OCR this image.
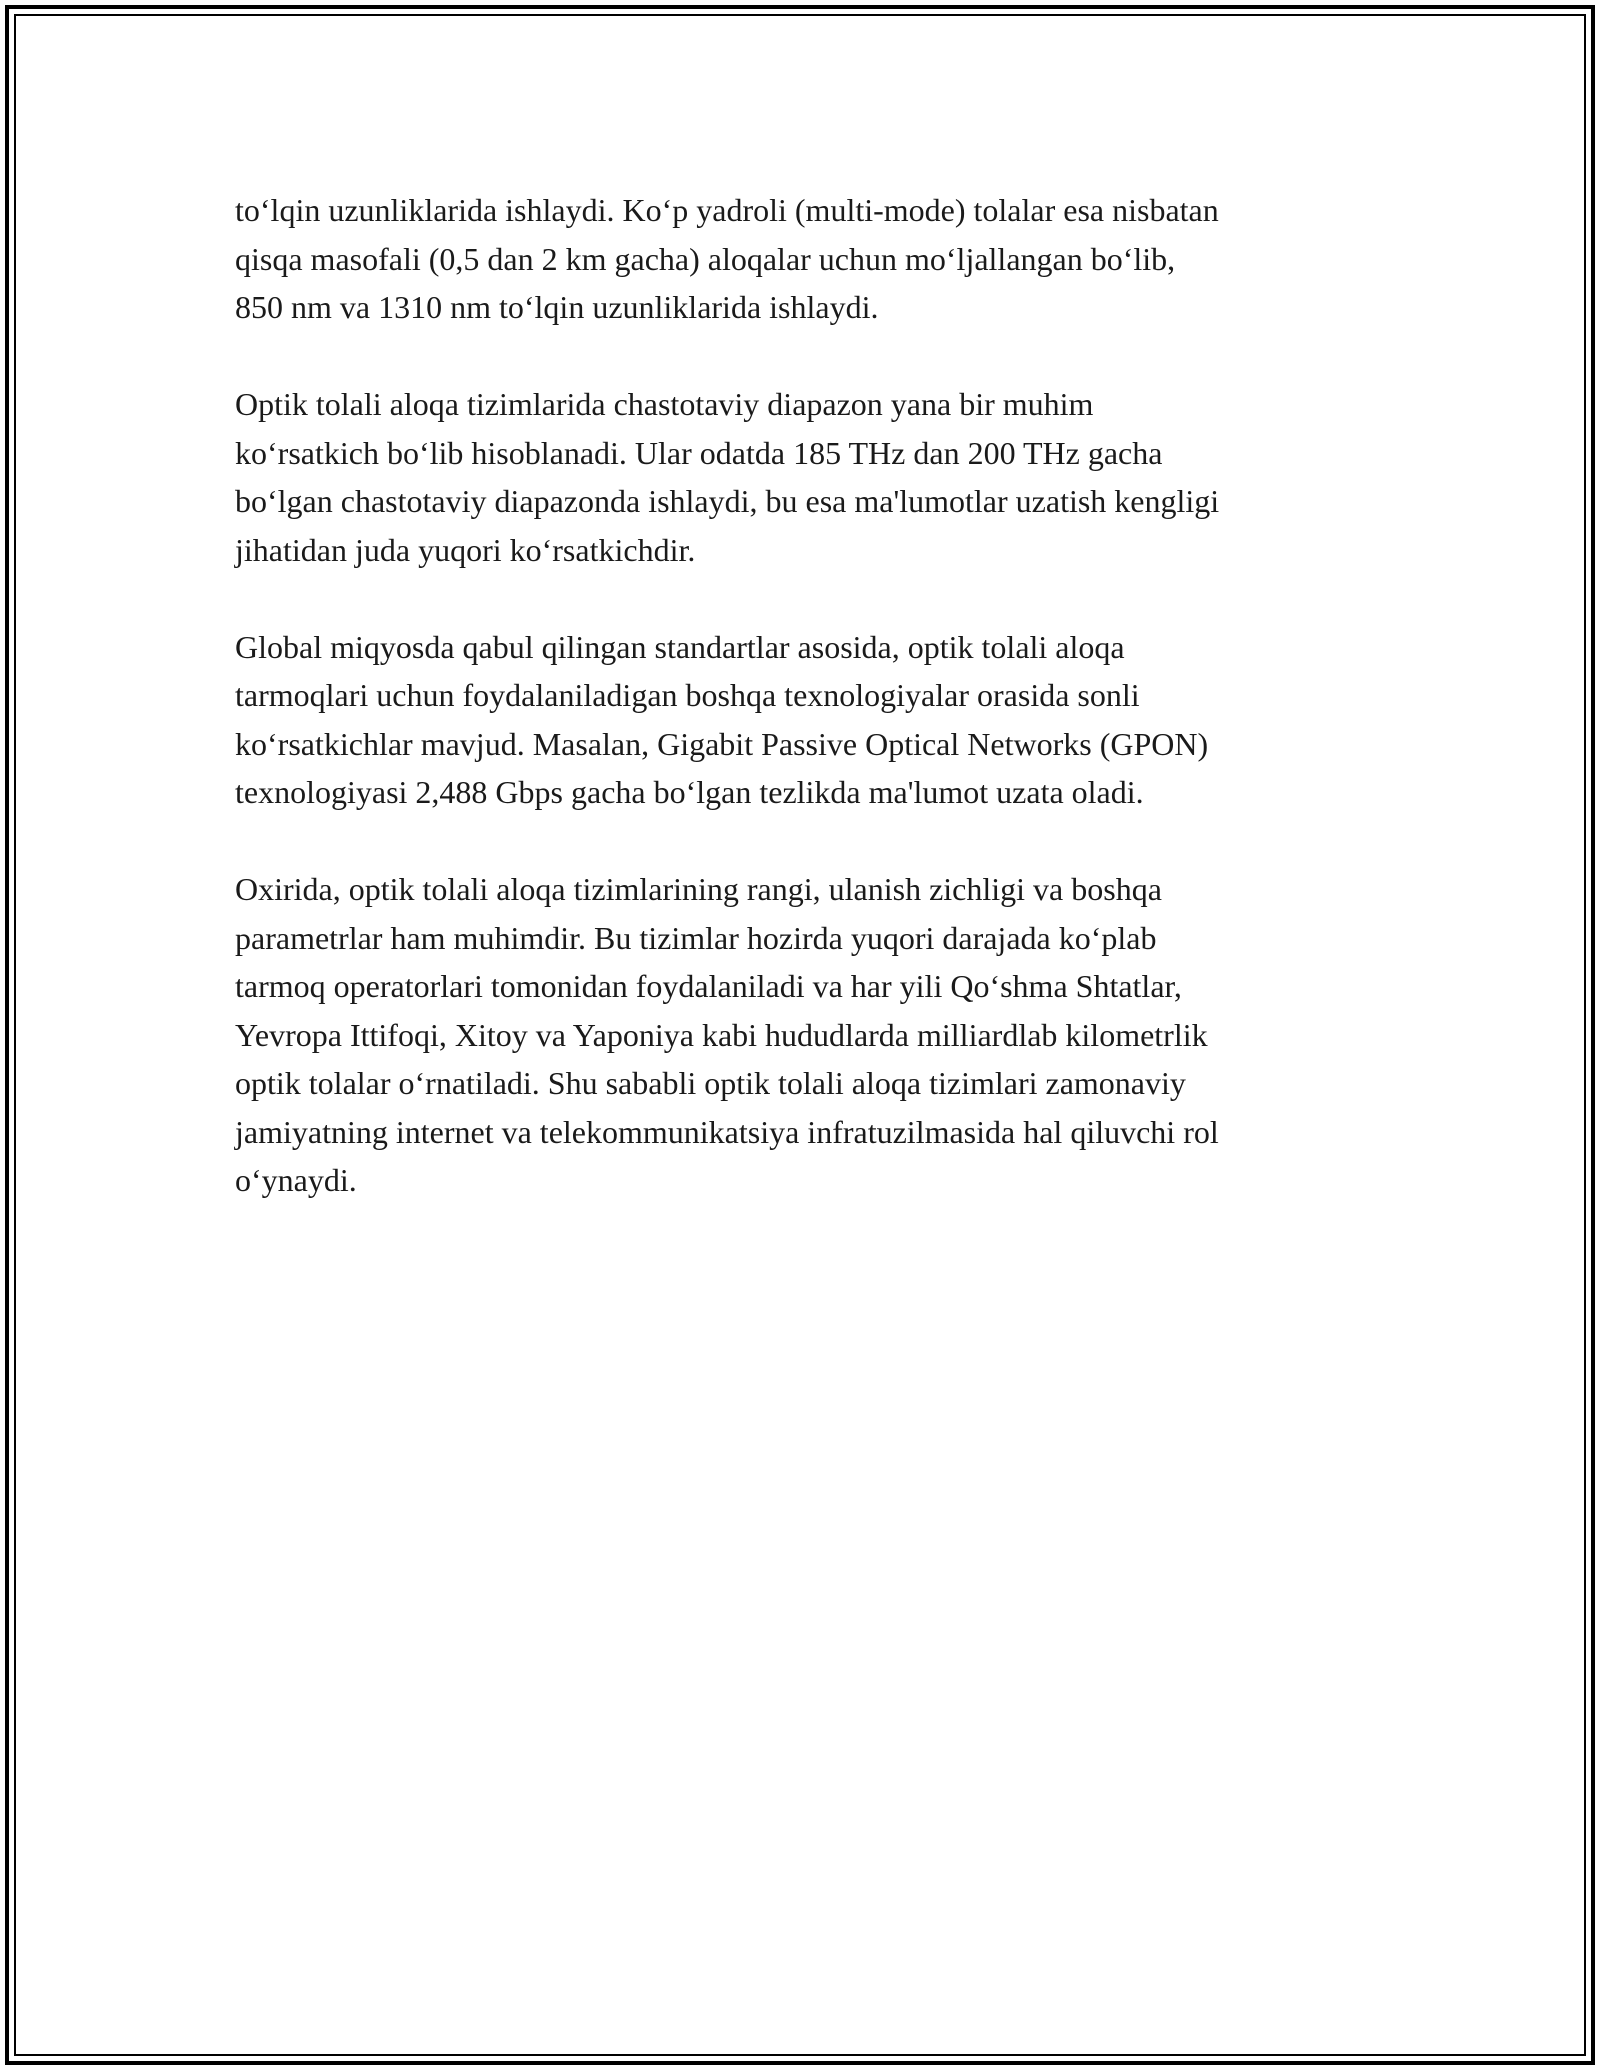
to‘lqin uzunliklarida ishlaydi. Ko‘p yadroli (multi-mode) tolalar esa nisbatan
qisqa masofali (0,5 dan 2 km gacha) aloqalar uchun mo‘ljallangan bo‘lib,
850 nm va 1310 nm to‘lqin uzunliklarida ishlaydi.

Optik tolali aloqa tizimlarida chastotaviy diapazon yana bir muhim
ko‘rsatkich bo‘lib hisoblanadi. Ular odatda 185 THz dan 200 THz gacha
bo‘lgan chastotaviy diapazonda ishlaydi, bu esa ma'lumotlar uzatish kengligi
jihatidan juda yuqori ko‘rsatkichdir.

Global miqyosda qabul qilingan standartlar asosida, optik tolali aloqa
tarmoqlari uchun foydalaniladigan boshqa texnologiyalar orasida sonli
ko‘rsatkichlar mavjud. Masalan, Gigabit Passive Optical Networks (GPON)
texnologiyasi 2,488 Gbps gacha bo‘lgan tezlikda ma'lumot uzata oladi.

Oxirida, optik tolali aloqa tizimlarining rangi, ulanish zichligi va boshqa
parametrlar ham muhimdir. Bu tizimlar hozirda yuqori darajada ko‘plab
tarmoq operatorlari tomonidan foydalaniladi va har yili Qo‘shma Shtatlar,
Yevropa Ittifoqi, Xitoy va Yaponiya kabi hududlarda milliardlab kilometrlik
optik tolalar o‘rnatiladi. Shu sababli optik tolali aloqa tizimlari zamonaviy
jamiyatning internet va telekommunikatsiya infratuzilmasida hal qiluvchi rol
o‘ynaydi.
